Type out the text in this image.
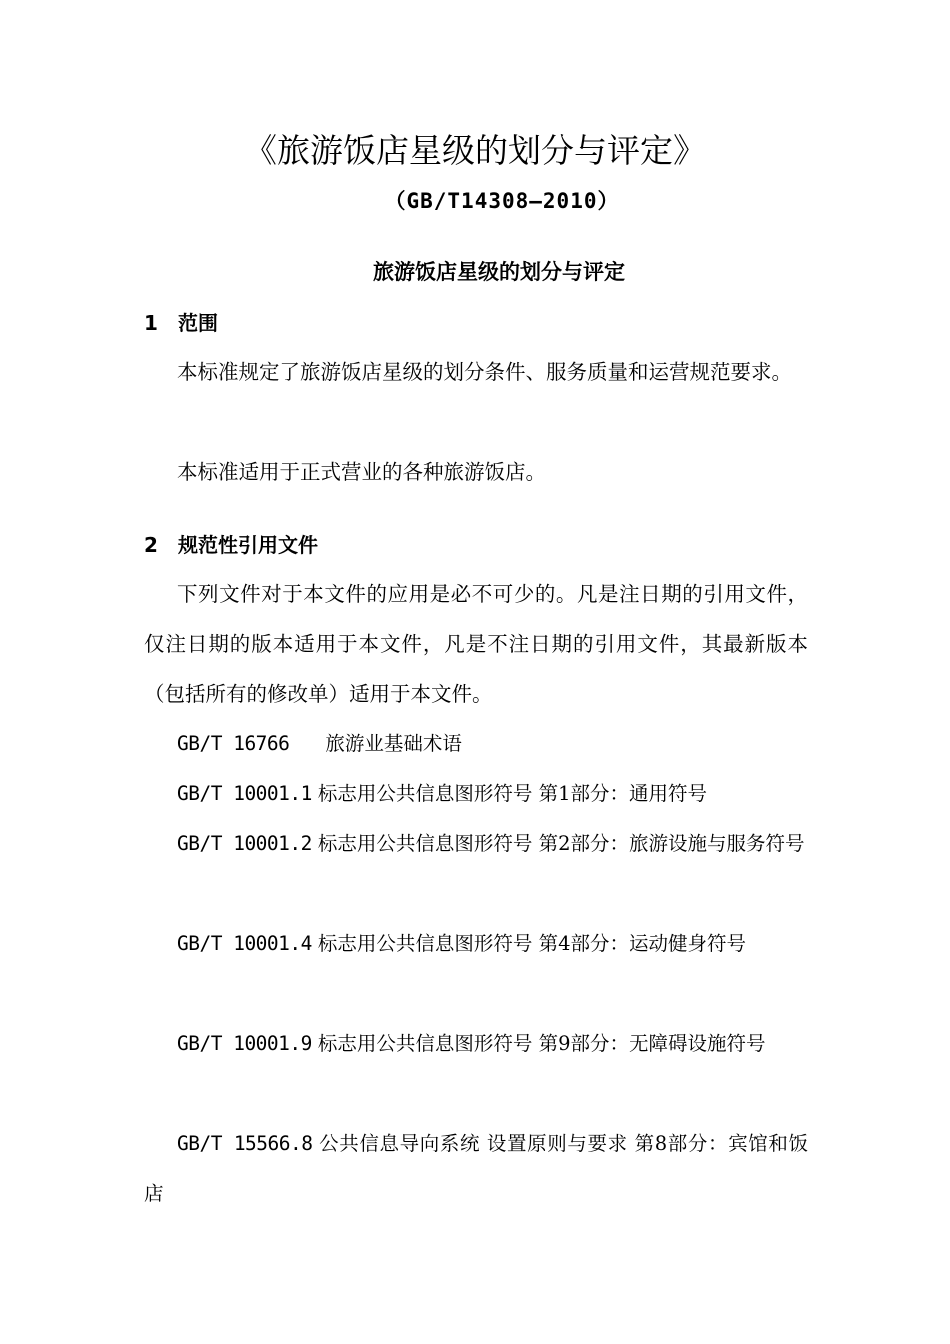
《旅游饭店星级的划分与评定》
（GB/T14308—2010）
旅游饭店星级的划分与评定
1 范围
本标准规定了旅游饭店星级的划分条件、服务质量和运营规范要求。
本标准适用于正式营业的各种旅游饭店。
2 规范性引用文件
下列文件对于本文件的应用是必不可少的。凡是注日期的引用文件，仅注日期的版本适用于本文件，凡是不注日期的引用文件，其最新版本（包括所有的修改单）适用于本文件。
GB/T 16766 旅游业基础术语
GB/T 10001.1 标志用公共信息图形符号 第1部分：通用符号
GB/T 10001.2 标志用公共信息图形符号 第2部分：旅游设施与服务符号
GB/T 10001.4 标志用公共信息图形符号 第4部分：运动健身符号
GB/T 10001.9 标志用公共信息图形符号 第9部分：无障碍设施符号
GB/T 15566.8 公共信息导向系统 设置原则与要求 第8部分：宾馆和饭店
